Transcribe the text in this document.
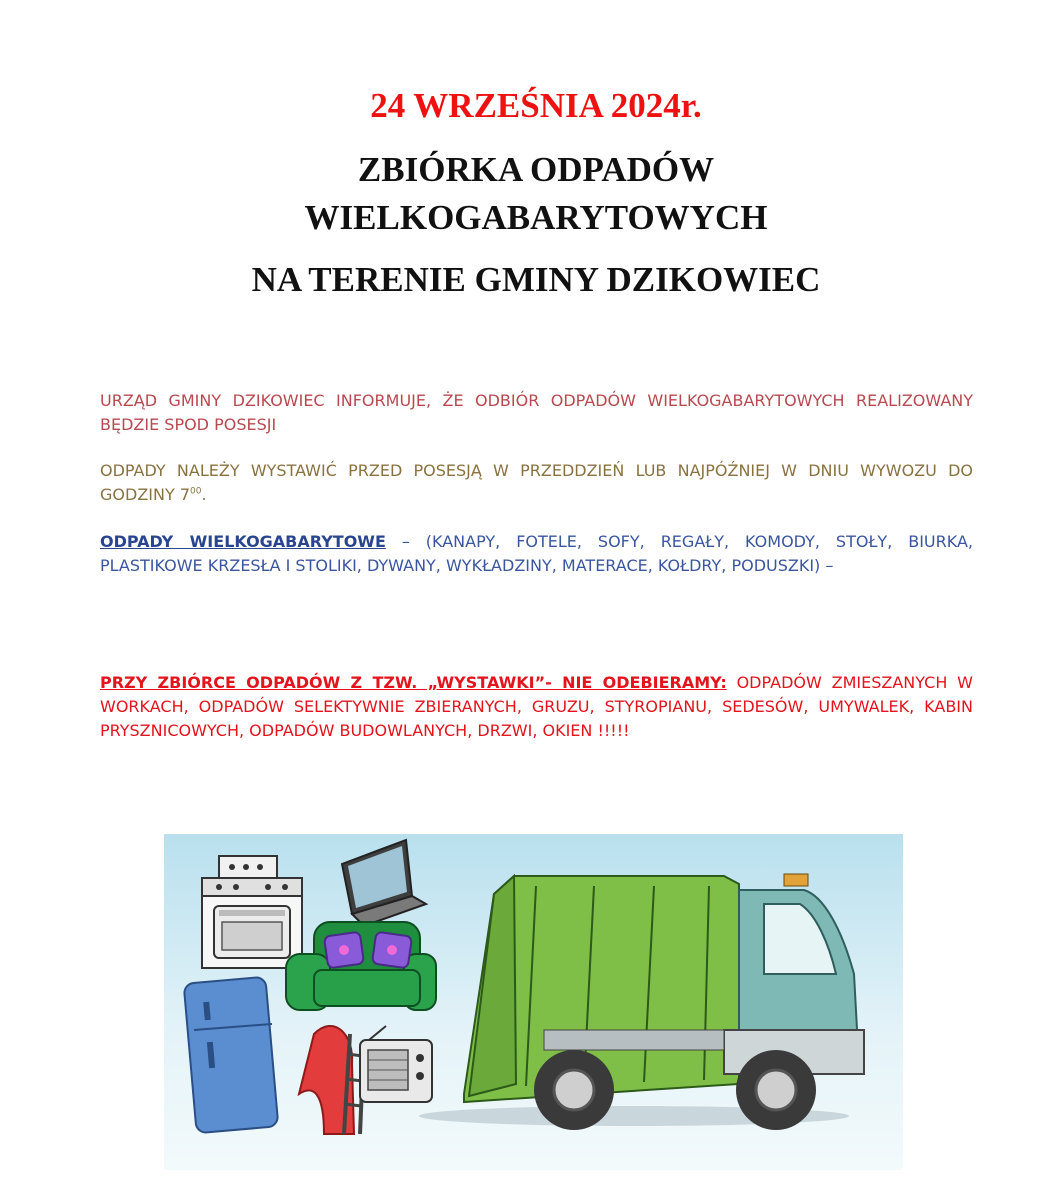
24 WRZEŚNIA 2024r.
ZBIÓRKA ODPADÓW
WIELKOGABARYTOWYCH
NA TERENIE GMINY DZIKOWIEC
URZĄD GMINY DZIKOWIEC INFORMUJE, ŻE ODBIÓR ODPADÓW WIELKOGABARYTOWYCH REALIZOWANY BĘDZIE SPOD POSESJI
ODPADY NALEŻY WYSTAWIĆ PRZED POSESJĄ W PRZEDDZIEŃ LUB NAJPÓŹNIEJ W DNIU WYWOZU DO GODZINY $7^{00}$.
ODPADY WIELKOGABARYTOWE – (KANAPY, FOTELE, SOFY, REGAŁY, KOMODY, STOŁY, BIURKA, PLASTIKOWE KRZESŁA I STOLIKI, DYWANY, WYKŁADZINY, MATERACE, KOŁDRY, PODUSZKI) –
PRZY ZBIÓRCE ODPADÓW Z TZW. „WYSTAWKI”- NIE ODEBIERAMY: ODPADÓW ZMIESZANYCH W WORKACH, ODPADÓW SELEKTYWNIE ZBIERANYCH, GRUZU, STYROPIANU, SEDESÓW, UMYWALEK, KABIN PRYSZNICOWYCH, ODPADÓW BUDOWLANYCH, DRZWI, OKIEN !!!!!
